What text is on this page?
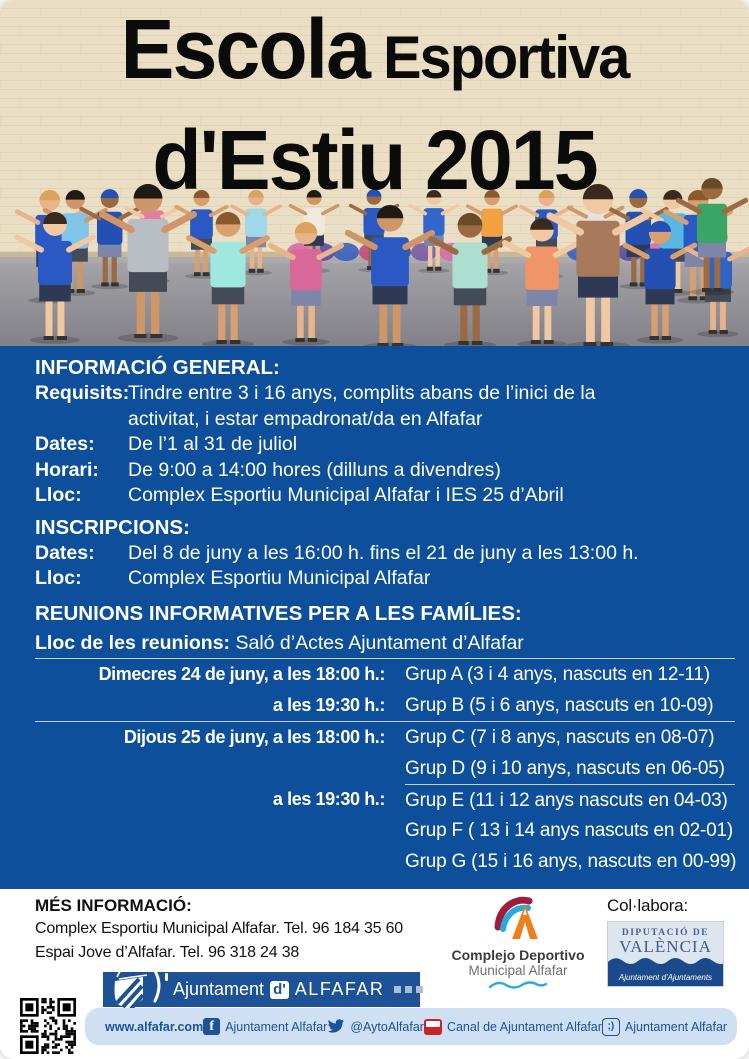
Escola Esportiva
d'Estiu 2015
INFORMACIÓ GENERAL:
Requisits:
Tindre entre 3 i 16 anys, complits abans de l’inici de la
activitat, i estar empadronat/da en Alfafar
Dates:	De l’1 al 31 de juliol
Horari:	De 9:00 a 14:00 hores (dilluns a divendres)
Lloc:	Complex Esportiu Municipal Alfafar i IES 25 d’Abril
INSCRIPCIONS:
Dates:	Del 8 de juny a les 16:00 h. fins el 21 de juny a les 13:00 h.
Lloc:	Complex Esportiu Municipal Alfafar
REUNIONS INFORMATIVES PER A LES FAMÍLIES:
Lloc de les reunions: Saló d’Actes Ajuntament d’Alfafar
Dimecres 24 de juny, a les 18:00 h.: Grup A (3 i 4 anys, nascuts en 12-11)
a les 19:30 h.: Grup B (5 i 6 anys, nascuts en 10-09)
Dijous 25 de juny, a les 18:00 h.: Grup C (7 i 8 anys, nascuts en 08-07)
Grup D (9 i 10 anys, nascuts en 06-05)
a les 19:30 h.: Grup E (11 i 12 anys nascuts en 04-03)
Grup F ( 13 i 14 anys nascuts en 02-01)
Grup G (15 i 16 anys, nascuts en 00-99)
MÉS INFORMACIÓ:
Complex Esportiu Municipal Alfafar. Tel. 96 184 35 60
Espai Jove d’Alfafar. Tel. 96 318 24 38	Complejo Deportivo
Municipal Alfafar
Col·labora:
DIPUTACIÓ DE
VALÈNCIA
Ajuntament d'Ajuntaments
Ajuntament d' ALFAFAR
www.alfafar.com f Ajuntament Alfafar @AytoAlfafar Canal de Ajuntament Alfafar ;) Ajuntament Alfafar
